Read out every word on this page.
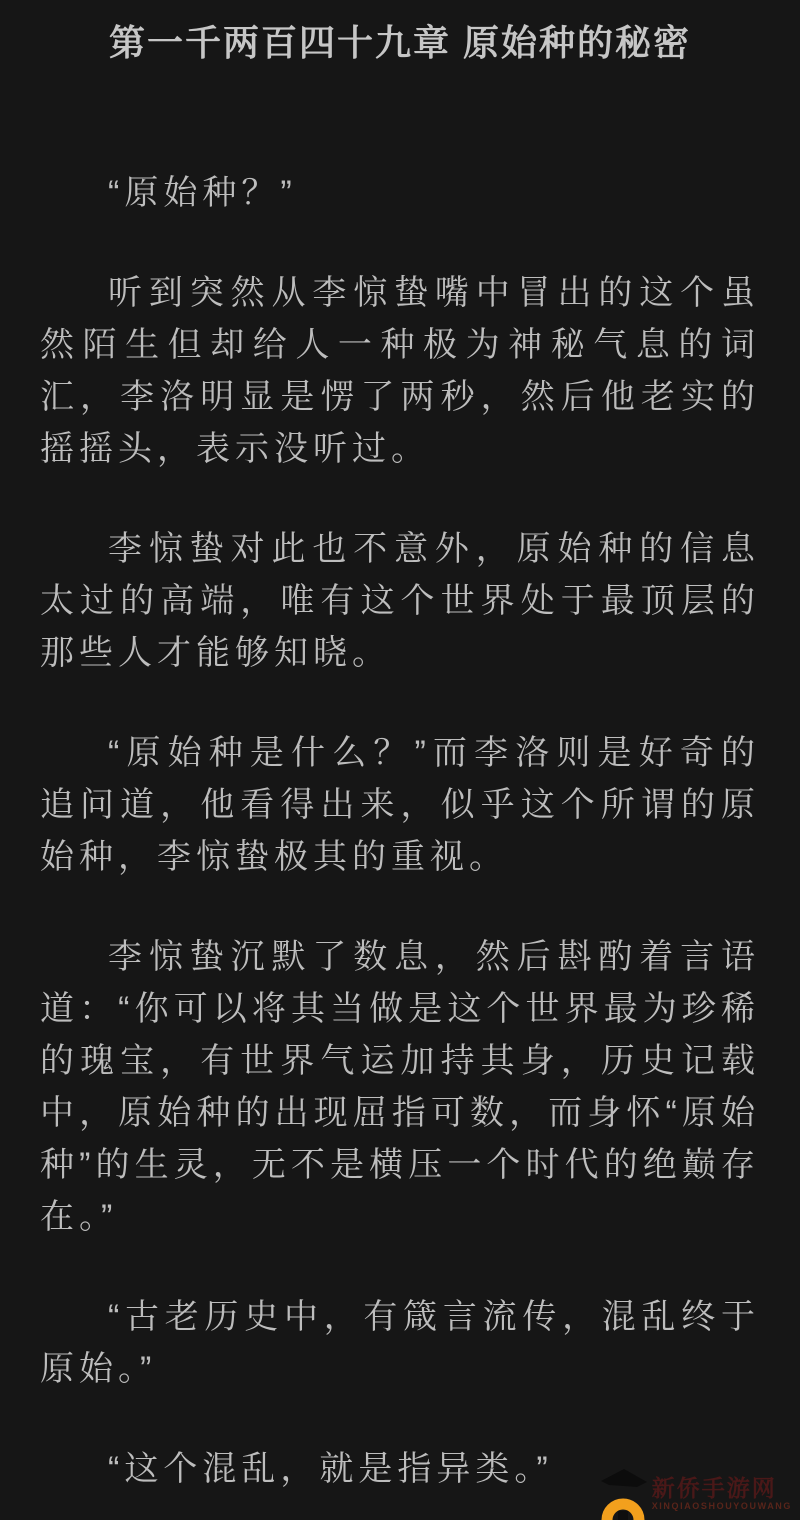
第一千两百四十九章 原始种的秘密

“原始种？”

听到突然从李惊蛰嘴中冒出的这个虽然陌生但却给人一种极为神秘气息的词汇，李洛明显是愣了两秒，然后他老实的摇摇头，表示没听过。

李惊蛰对此也不意外，原始种的信息太过的高端，唯有这个世界处于最顶层的那些人才能够知晓。

“原始种是什么？”而李洛则是好奇的追问道，他看得出来，似乎这个所谓的原始种，李惊蛰极其的重视。

李惊蛰沉默了数息，然后斟酌着言语道：“你可以将其当做是这个世界最为珍稀的瑰宝，有世界气运加持其身，历史记载中，原始种的出现屈指可数，而身怀“原始种”的生灵，无不是横压一个时代的绝巅存在。”

“古老历史中，有箴言流传，混乱终于原始。”

“这个混乱，就是指异类。”	新侨手游网
XINQIAOSHOUYOUWANG
